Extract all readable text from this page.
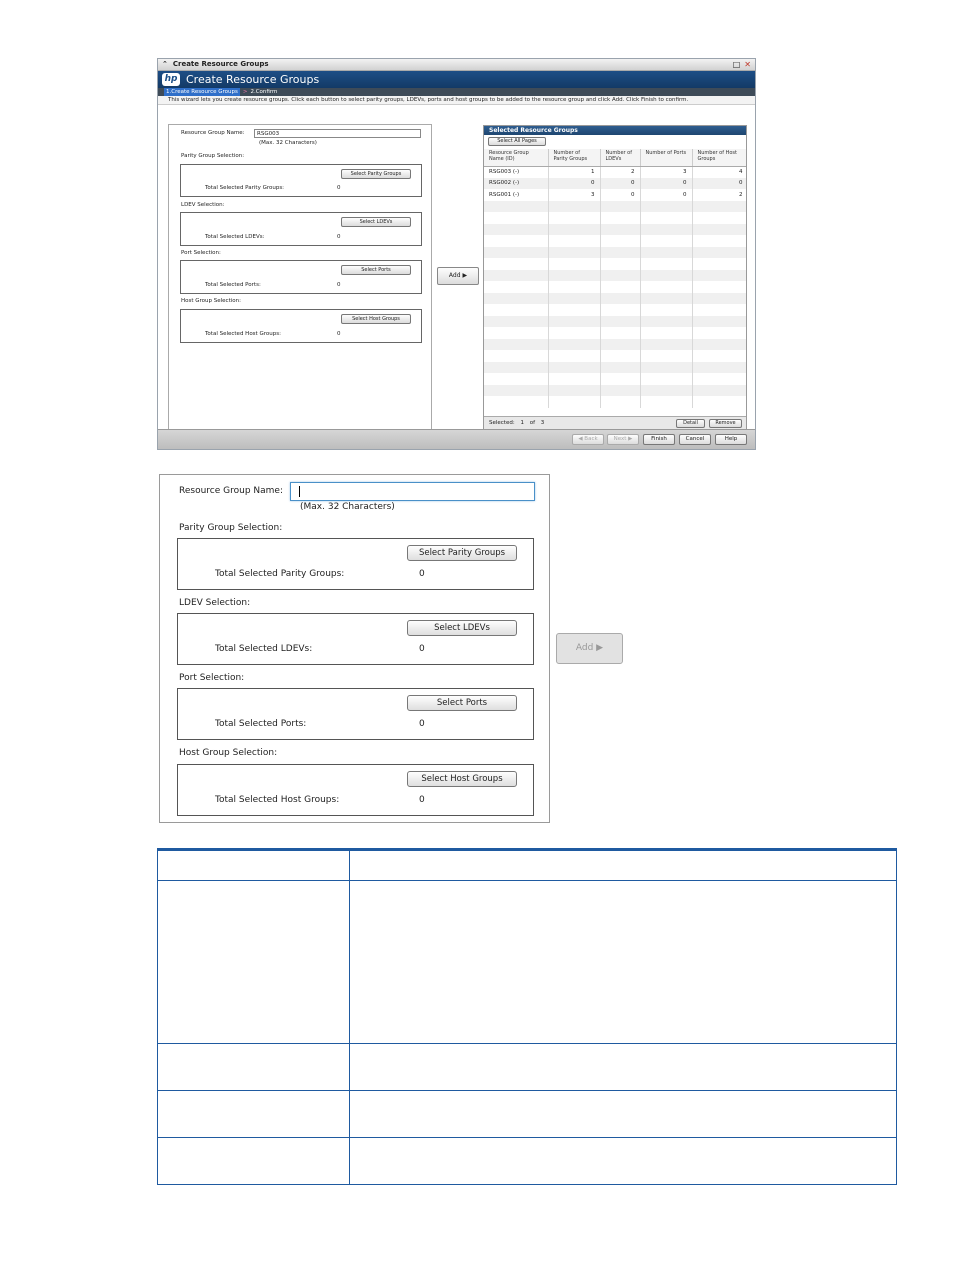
⌃ Create Resource Groups	□ ✕
hp Create Resource Groups
1.Create Resource Groups > 2.Confirm
This wizard lets you create resource groups. Click each button to select parity groups, LDEVs, ports and host groups to be added to the resource group and click Add. Click Finish to confirm.
Resource Group Name:	RSG003
(Max. 32 Characters)
Parity Group Selection:
Select Parity Groups
Total Selected Parity Groups:	0
LDEV Selection:
Select LDEVs
Total Selected LDEVs:	0
Port Selection:
Select Ports
Total Selected Ports:	0
Host Group Selection:
Select Host Groups
Total Selected Host Groups:	0
Add ▶
Selected Resource Groups
Select All Pages
Resource Group Name (ID)	Number of Parity Groups	Number of LDEVs	Number of Ports	Number of Host Groups
RSG003 (-)	1	2	3	4
RSG002 (-)	0	0	0	0
RSG001 (-)	3	0	0	2

Selected: 1 of 3	Detail	Remove
◀ Back	Next ▶	Finish	Cancel	Help
Resource Group Name:
(Max. 32 Characters)
Parity Group Selection:
Select Parity Groups
Total Selected Parity Groups:	0
LDEV Selection:
Select LDEVs
Total Selected LDEVs:	0
Port Selection:
Select Ports
Total Selected Ports:	0
Host Group Selection:
Select Host Groups
Total Selected Host Groups:	0
Add ▶
